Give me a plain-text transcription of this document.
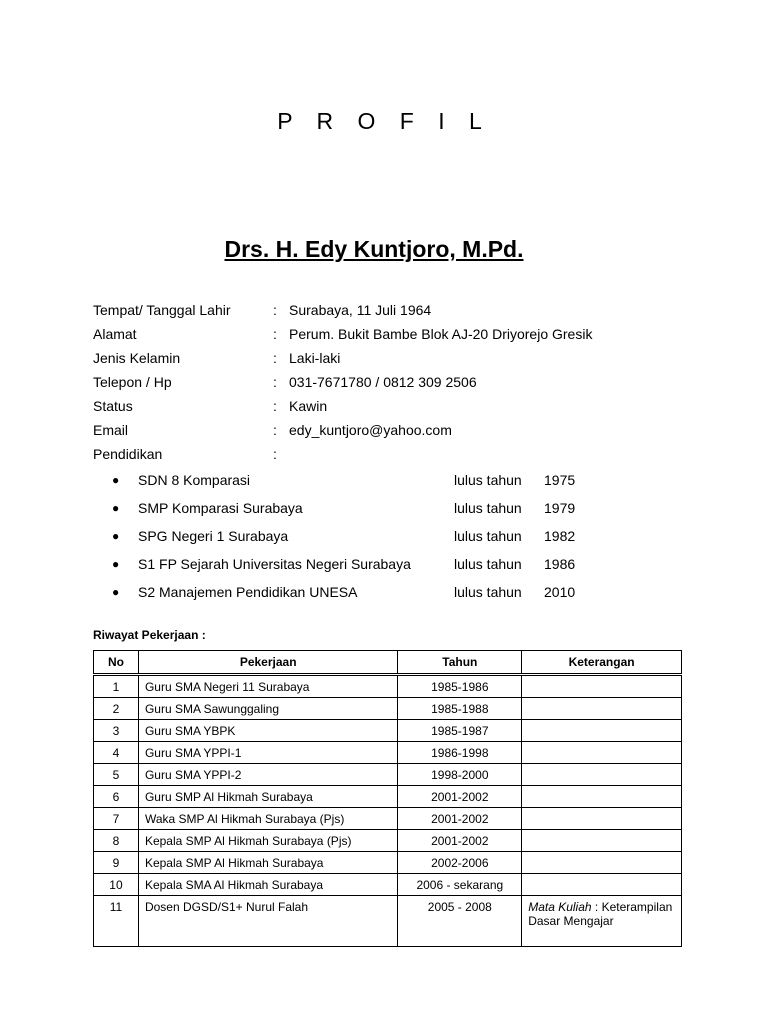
P R O F I L
Drs. H. Edy Kuntjoro, M.Pd.
Tempat/ Tanggal Lahir	: Surabaya, 11 Juli 1964
Alamat	: Perum. Bukit Bambe Blok AJ-20 Driyorejo Gresik
Jenis Kelamin	: Laki-laki
Telepon / Hp	: 031-7671780 / 0812 309 2506
Status	: Kawin
Email	: edy_kuntjoro@yahoo.com
Pendidikan	:
● SDN 8 Komparasi	lulus tahun 1975
● SMP Komparasi Surabaya	lulus tahun 1979
● SPG Negeri 1 Surabaya	lulus tahun 1982
● S1 FP Sejarah Universitas Negeri Surabaya	lulus tahun 1986
● S2 Manajemen Pendidikan UNESA	lulus tahun 2010
Riwayat Pekerjaan :
No	Pekerjaan	Tahun	Keterangan
1	Guru SMA Negeri 11 Surabaya	1985-1986	
2	Guru SMA Sawunggaling	1985-1988	
3	Guru SMA YBPK	1985-1987	
4	Guru SMA YPPI-1	1986-1998	
5	Guru SMA YPPI-2	1998-2000	
6	Guru SMP Al Hikmah Surabaya	2001-2002	
7	Waka SMP Al Hikmah Surabaya (Pjs)	2001-2002	
8	Kepala SMP Al Hikmah Surabaya (Pjs)	2001-2002	
9	Kepala SMP Al Hikmah Surabaya	2002-2006	
10	Kepala SMA Al Hikmah Surabaya	2006 - sekarang	
11	Dosen DGSD/S1+ Nurul Falah	2005 - 2008	Mata Kuliah : Keterampilan Dasar Mengajar
